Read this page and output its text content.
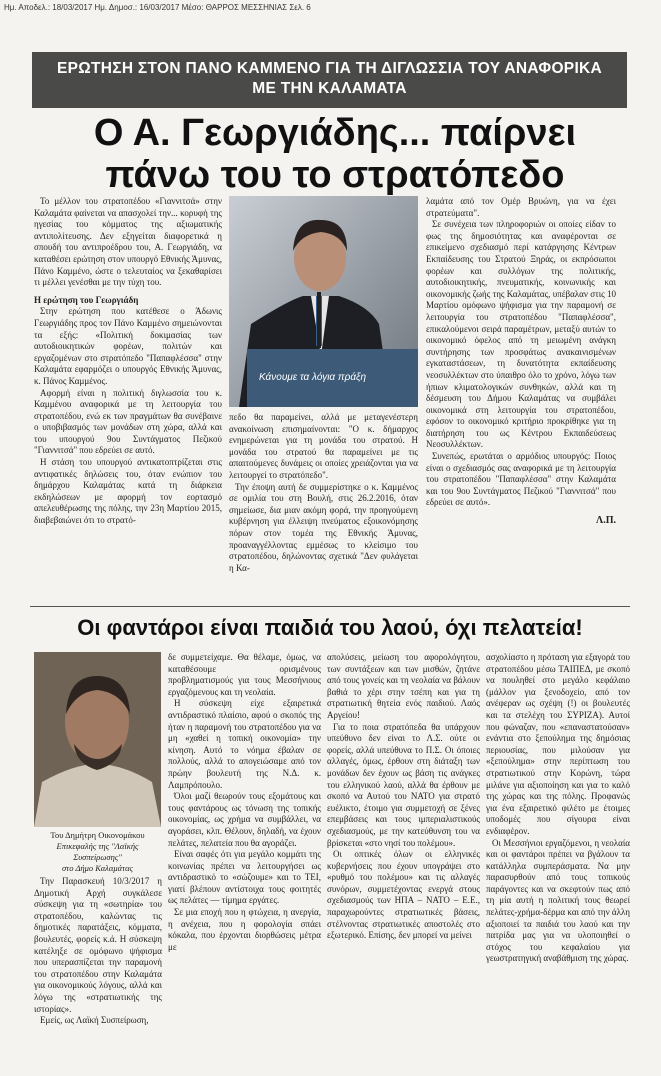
Ημ. Αποδελ.: 18/03/2017 Ημ. Δημοσ.: 16/03/2017 Μέσο: ΘΑΡΡΟΣ ΜΕΣΣΗΝΙΑΣ Σελ. 6
ΕΡΩΤΗΣΗ ΣΤΟΝ ΠΑΝΟ ΚΑΜΜΕΝΟ ΓΙΑ ΤΗ ΔΙΓΛΩΣΣΙΑ ΤΟΥ ΑΝΑΦΟΡΙΚΑ
ΜΕ ΤΗΝ ΚΑΛΑΜΑΤΑ
Ο Α. Γεωργιάδης... παίρνει
πάνω του το στρατόπεδο

Το μέλλον του στρατοπέδου «Γιαννιτσά» στην Καλαμάτα φαίνεται να απασχολεί την... κορυφή της ηγεσίας του κόμματος της αξιωματικής αντιπολίτευσης. Δεν εξηγείται διαφορετικά η σπουδή του αντιπροέδρου του, Α. Γεωργιάδη, να καταθέσει ερώτηση στον υπουργό Εθνικής Άμυνας, Πάνο Καμμένο, ώστε ο τελευταίος να ξεκαθαρίσει τι μέλλει γενέσθαι με την τύχη του.

Η ερώτηση του Γεωργιάδη

Στην ερώτηση που κατέθεσε ο Άδωνις Γεωργιάδης προς τον Πάνο Καμμένο σημειώνονται τα εξής: «Πολιτική δοκιμασίας των αυτοδιοικητικών φορέων, πολιτών και εργαζομένων στο στρατόπεδο "Παπαφλέσσα" στην Καλαμάτα εφαρμόζει ο υπουργός Εθνικής Άμυνας, κ. Πάνος Καμμένος.

Αφορμή είναι η πολιτική διγλωσσία του κ. Καμμένου αναφορικά με τη λειτουργία του στρατοπέδου, ενώ εκ των πραγμάτων θα συνέβαινε ο υποβιβασμός των μονάδων στη χώρα, αλλά και του υπουργού 9ου Συντάγματος Πεζικού "Γιαννιτσά" που εδρεύει σε αυτό.

Η στάση του υπουργού αντικατοπτρίζεται στις αντιφατικές δηλώσεις του, όταν ενώπιον του δημάρχου Καλαμάτας κατά τη διάρκεια εκδηλώσεων με αφορμή τον εορτασμό απελευθέρωσης της πόλης, την 23η Μαρτίου 2015, διαβεβαιώνει ότι το στρατό-

Κάνουμε τα λόγια πράξη

πεδο θα παραμείνει, αλλά με μεταγενέστερη ανακοίνωση επισημαίνονται: "Ο κ. δήμαρχος ενημερώνεται για τη μονάδα του στρατού. Η μονάδα του στρατού θα παραμείνει με τις απαιτούμενες δυνάμεις οι οποίες χρειάζονται για να λειτουργεί το στρατόπεδο".

Την έποψη αυτή δε συμμερίστηκε ο κ. Καμμένος σε ομιλία του στη Βουλή, στις 26.2.2016, όταν σημείωσε, δια μιαν ακόμη φορά, την προηγούμενη κυβέρνηση για έλλειψη πνεύματος εξοικονόμησης πόρων στον τομέα της Εθνικής Άμυνας, προαναγγέλλοντας εμμέσως το κλείσιμο του στρατοπέδου, δηλώνοντας σχετικά "Δεν φυλάγεται η Κα-

λαμάτα από τον Ομέρ Βρυώνη, για να έχει στρατεύματα".

Σε συνέχεια των πληροφοριών οι οποίες είδαν το φως της δημοσιότητας και αναφέρονται σε επικείμενο σχεδιασμό περί κατάργησης Κέντρων Εκπαίδευσης του Στρατού Ξηράς, οι εκπρόσωποι φορέων και συλλόγων της πολιτικής, αυτοδιοικητικής, πνευματικής, κοινωνικής και οικονομικής ζωής της Καλαμάτας, υπέβαλαν στις 10 Μαρτίου ομόφωνο ψήφισμα για την παραμονή σε λειτουργία του στρατοπέδου "Παπαφλέσσα", επικαλούμενοι σειρά παραμέτρων, μεταξύ αυτών το οικονομικό όφελος από τη μειωμένη ανάγκη συντήρησης των προσφάτως ανακαινισμένων εγκαταστάσεων, τη δυνατότητα εκπαίδευσης νεοσυλλέκτων στο ύπαιθρο όλο το χρόνο, λόγω των ήπιων κλιματολογικών συνθηκών, αλλά και τη δέσμευση του Δήμου Καλαμάτας να συμβάλει οικονομικά στη λειτουργία του στρατοπέδου, εφόσον το οικονομικό κριτήριο προκρίθηκε για τη διατήρηση του ως Κέντρου Εκπαιδεύσεως Νεοσυλλέκτων.

Συνεπώς, ερωτάται ο αρμόδιος υπουργός: Ποιος είναι ο σχεδιασμός σας αναφορικά με τη λειτουργία του στρατοπέδου "Παπαφλέσσα" στην Καλαμάτα και του 9ου Συντάγματος Πεζικού "Γιαννιτσά" που εδρεύει σε αυτό».

Λ.Π.

Οι φαντάροι είναι παιδιά του λαού, όχι πελατεία!
Του Δημήτρη Οικονομάκου
Επικεφαλής της "Λαϊκής Συσπείρωσης"
στο Δήμο Καλαμάτας

Την Παρασκευή 10/3/2017 η Δημοτική Αρχή συγκάλεσε σύσκεψη για τη «σωτηρία» του στρατοπέδου, καλώντας τις δημοτικές παρατάξεις, κόμματα, βουλευτές, φορείς κ.ά. Η σύσκεψη κατέληξε σε ομόφωνο ψήφισμα που υπερασπίζεται την παραμονή του στρατοπέδου στην Καλαμάτα για οικονομικούς λόγους, αλλά και λόγω της «στρατιωτικής της ιστορίας».

Εμείς, ως Λαϊκή Συσπείρωση,

δε συμμετείχαμε. Θα θέλαμε, όμως, να καταθέσουμε ορισμένους προβληματισμούς για τους Μεσσήνιους εργαζόμενους και τη νεολαία.

Η σύσκεψη είχε εξαιρετικά αντιδραστικό πλαίσιο, αφού ο σκοπός της ήταν η παραμονή του στρατοπέδου για να μη «χαθεί η τοπική οικονομία» την κίνηση. Αυτό το νόημα έβαλαν σε πολλούς, αλλά το απογειώσαμε από τον πρώην βουλευτή της Ν.Δ. κ. Λαμπρόπουλο.

Όλοι μαζί θεωρούν τους εξομάτους και τους φαντάρους ως τόνωση της τοπικής οικονομίας, ως χρήμα να συμβάλλει, να αγοράσει, κλπ. Θέλουν, δηλαδή, να έχουν πελάτες, πελατεία που θα αγοράζει.

Είναι σαφές ότι για μεγάλο κομμάτι της κοινωνίας πρέπει να λειτουργήσει ως αντιδραστικό το «σώζουμε» και το ΤΕΙ, γιατί βλέπουν αντίστοιχα τους φοιτητές ως πελάτες — τίμημα εργάτες.

Σε μια εποχή που η φτώχεια, η ανεργία, η ανέχεια, που η φορολογία σπάει κόκαλα, που έρχονται διορθώσεις μέτρα με

απολύσεις, μείωση του αφορολόγητου, των συντάξεων και των μισθών, ζητάνε από τους γονείς και τη νεολαία να βάλουν βαθιά το χέρι στην τσέπη και για τη στρατιωτική θητεία ενός παιδιού. Λαός Αργείου!

Για το ποια στρατόπεδα θα υπάρχουν υπεύθυνο δεν είναι το Λ.Σ. ούτε οι φορείς, αλλά υπεύθυνα το Π.Σ. Οι όποιες αλλαγές, όμως, έρθουν στη διάταξη των μονάδων δεν έχουν ως βάση τις ανάγκες του ελληνικού λαού, αλλά θα έρθουν με σκοπό να Αυτού του ΝΑΤΟ για στρατό ευέλικτο, έτοιμο για συμμετοχή σε ξένες επεμβάσεις και τους ιμπεριαλιστικούς σχεδιασμούς, με την κατεύθυνση του να βρίσκεται «στο νησί του πολέμου».

Οι οπτικές όλων οι ελληνικές κυβερνήσεις που έχουν υπογράψει στο «ρυθμό του πολέμου» και τις αλλαγές συνόρων, συμμετέχοντας ενεργά στους σχεδιασμούς των ΗΠΑ – ΝΑΤΟ – Ε.Ε., παραχωρούντες στρατιωτικές βάσεις, στέλνοντας στρατιωτικές αποστολές στο εξωτερικό. Επίσης, δεν μπορεί να μείνει

ασχολίαστο η πρόταση για εξαγορά του στρατοπέδου μέσω ΤΑΙΠΕΔ, με σκοπό να πουληθεί στο μεγάλο κεφάλαιο (μάλλον για ξενοδοχείο, από τον ανέφεραν ως σχέψη (!) οι βουλευτές και τα στελέχη του ΣΥΡΙΖΑ). Αυτοί που φώναζαν, που «επαναστατούσαν» ενάντια στο ξεπούλημα της δημόσιας περιουσίας, που μιλούσαν για «ξεπούλημα» στην περίπτωση του στρατιωτικού στην Κορώνη, τώρα μιλάνε για αξιοποίηση και για το καλό της χώρας και της πόλης. Προφανώς για ένα εξαιρετικό φιλέτο με έτοιμες υποδομές που σίγουρα είναι ενδιαφέρον.

Οι Μεσσήνιοι εργαζόμενοι, η νεολαία και οι φαντάροι πρέπει να βγάλουν τα κατάλληλα συμπεράσματα. Να μην παρασυρθούν από τους τοπικούς παράγοντες και να σκεφτούν πως από τη μία αυτή η πολιτική τους θεωρεί πελάτες-χρήμα-δέρμα και από την άλλη αξιοποιεί τα παιδιά του λαού και την πατρίδα μας για να υλοποιηθεί ο στόχος του κεφαλαίου για γεωστρατηγική αναβάθμιση της χώρας.
